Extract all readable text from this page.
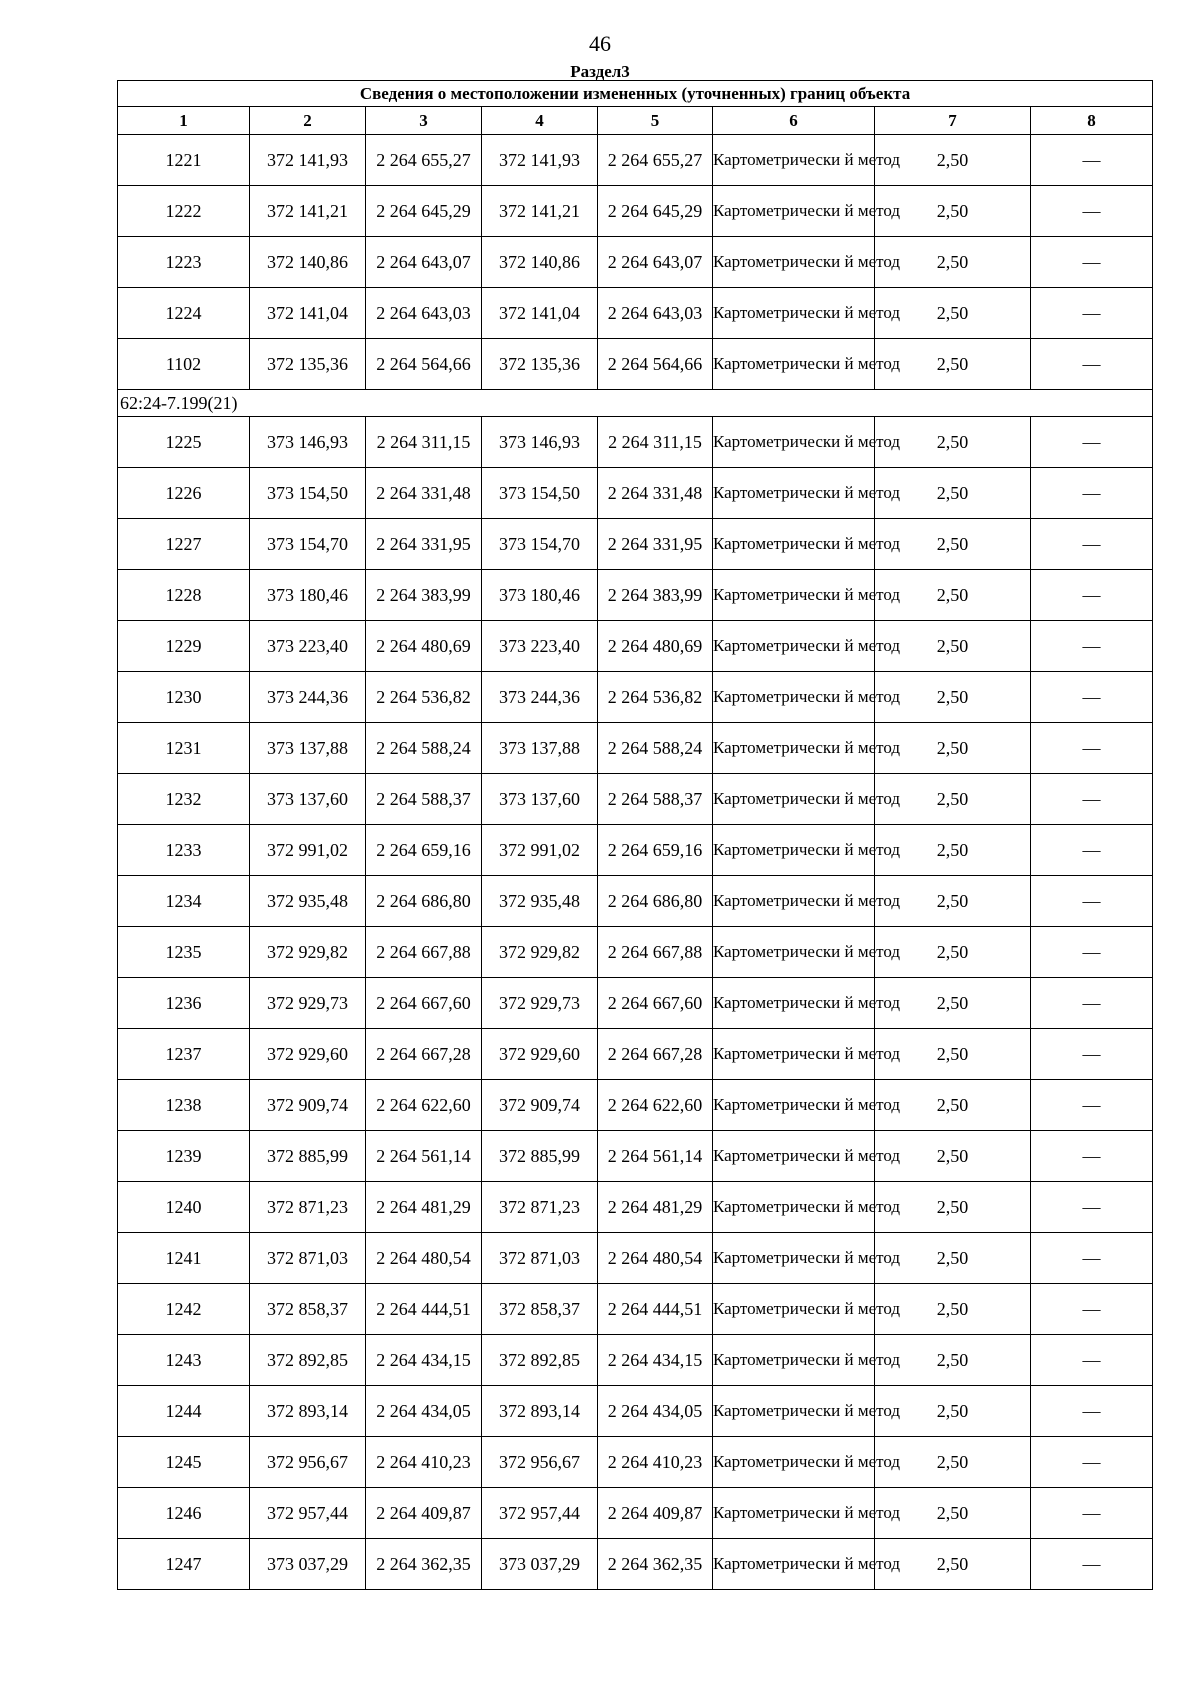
46
Раздел3
Сведения о местоположении измененных (уточненных) границ объекта							
1	2	3	4	5	6	7	8
1221	372 141,93	2 264 655,27	372 141,93	2 264 655,27	Картометрически й метод	2,50	—
1222	372 141,21	2 264 645,29	372 141,21	2 264 645,29	Картометрически й метод	2,50	—
1223	372 140,86	2 264 643,07	372 140,86	2 264 643,07	Картометрически й метод	2,50	—
1224	372 141,04	2 264 643,03	372 141,04	2 264 643,03	Картометрически й метод	2,50	—
1102	372 135,36	2 264 564,66	372 135,36	2 264 564,66	Картометрически й метод	2,50	—
62:24-7.199(21)							
1225	373 146,93	2 264 311,15	373 146,93	2 264 311,15	Картометрически й метод	2,50	—
1226	373 154,50	2 264 331,48	373 154,50	2 264 331,48	Картометрически й метод	2,50	—
1227	373 154,70	2 264 331,95	373 154,70	2 264 331,95	Картометрически й метод	2,50	—
1228	373 180,46	2 264 383,99	373 180,46	2 264 383,99	Картометрически й метод	2,50	—
1229	373 223,40	2 264 480,69	373 223,40	2 264 480,69	Картометрически й метод	2,50	—
1230	373 244,36	2 264 536,82	373 244,36	2 264 536,82	Картометрически й метод	2,50	—
1231	373 137,88	2 264 588,24	373 137,88	2 264 588,24	Картометрически й метод	2,50	—
1232	373 137,60	2 264 588,37	373 137,60	2 264 588,37	Картометрически й метод	2,50	—
1233	372 991,02	2 264 659,16	372 991,02	2 264 659,16	Картометрически й метод	2,50	—
1234	372 935,48	2 264 686,80	372 935,48	2 264 686,80	Картометрически й метод	2,50	—
1235	372 929,82	2 264 667,88	372 929,82	2 264 667,88	Картометрически й метод	2,50	—
1236	372 929,73	2 264 667,60	372 929,73	2 264 667,60	Картометрически й метод	2,50	—
1237	372 929,60	2 264 667,28	372 929,60	2 264 667,28	Картометрически й метод	2,50	—
1238	372 909,74	2 264 622,60	372 909,74	2 264 622,60	Картометрически й метод	2,50	—
1239	372 885,99	2 264 561,14	372 885,99	2 264 561,14	Картометрически й метод	2,50	—
1240	372 871,23	2 264 481,29	372 871,23	2 264 481,29	Картометрически й метод	2,50	—
1241	372 871,03	2 264 480,54	372 871,03	2 264 480,54	Картометрически й метод	2,50	—
1242	372 858,37	2 264 444,51	372 858,37	2 264 444,51	Картометрически й метод	2,50	—
1243	372 892,85	2 264 434,15	372 892,85	2 264 434,15	Картометрически й метод	2,50	—
1244	372 893,14	2 264 434,05	372 893,14	2 264 434,05	Картометрически й метод	2,50	—
1245	372 956,67	2 264 410,23	372 956,67	2 264 410,23	Картометрически й метод	2,50	—
1246	372 957,44	2 264 409,87	372 957,44	2 264 409,87	Картометрически й метод	2,50	—
1247	373 037,29	2 264 362,35	373 037,29	2 264 362,35	Картометрически й метод	2,50	—
